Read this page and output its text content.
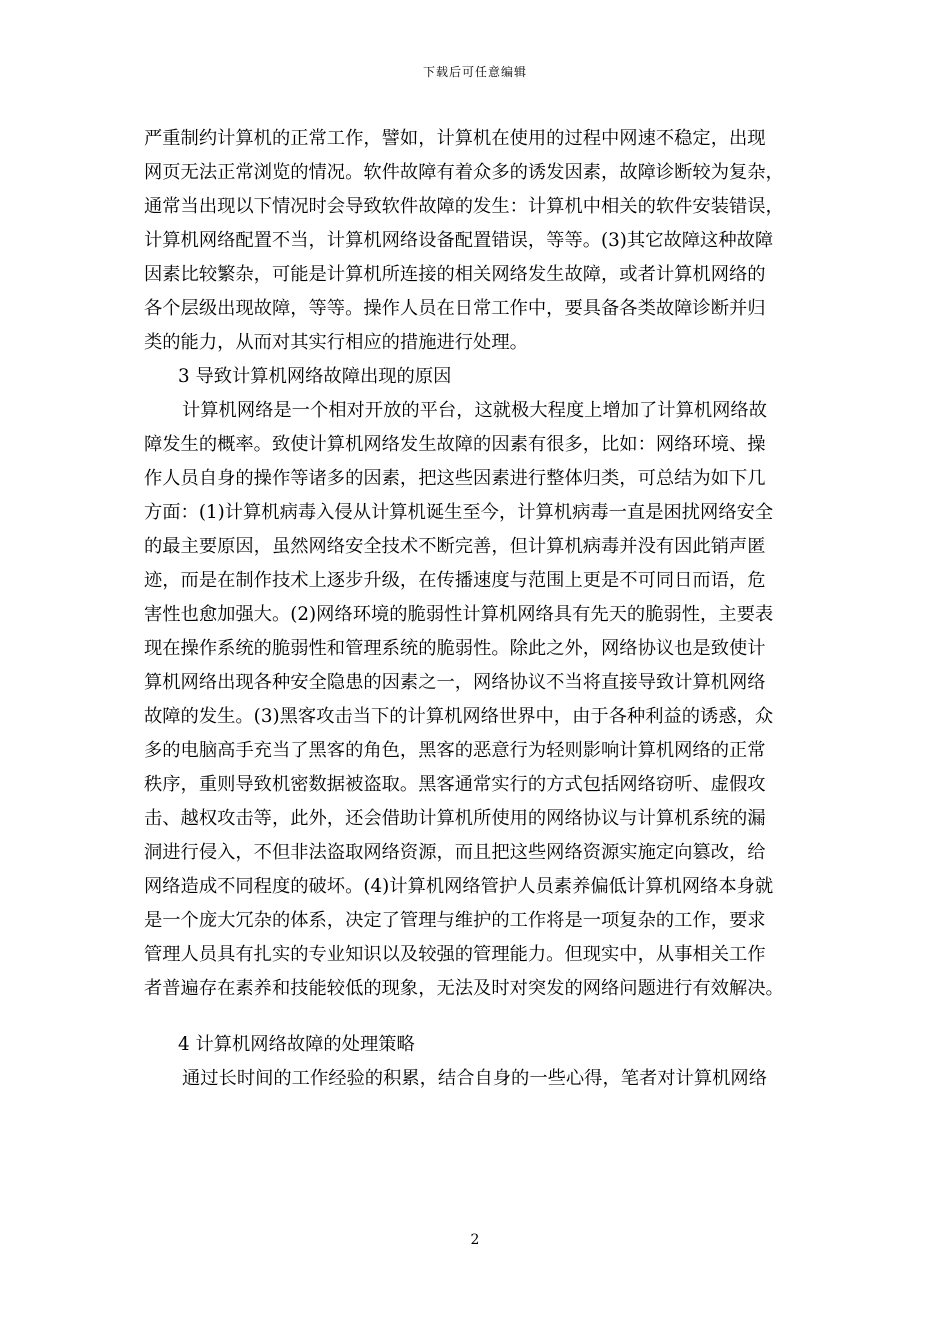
下载后可任意编辑
严重制约计算机的正常工作，譬如，计算机在使用的过程中网速不稳定，出现
网页无法正常浏览的情况。软件故障有着众多的诱发因素，故障诊断较为复杂，
通常当出现以下情况时会导致软件故障的发生：计算机中相关的软件安装错误，
计算机网络配置不当，计算机网络设备配置错误，等等。(3)其它故障这种故障
因素比较繁杂，可能是计算机所连接的相关网络发生故障，或者计算机网络的
各个层级出现故障，等等。操作人员在日常工作中，要具备各类故障诊断并归
类的能力，从而对其实行相应的措施进行处理。
3 导致计算机网络故障出现的原因
计算机网络是一个相对开放的平台，这就极大程度上增加了计算机网络故
障发生的概率。致使计算机网络发生故障的因素有很多，比如：网络环境、操
作人员自身的操作等诸多的因素，把这些因素进行整体归类，可总结为如下几
方面：(1)计算机病毒入侵从计算机诞生至今，计算机病毒一直是困扰网络安全
的最主要原因，虽然网络安全技术不断完善，但计算机病毒并没有因此销声匿
迹，而是在制作技术上逐步升级，在传播速度与范围上更是不可同日而语，危
害性也愈加强大。(2)网络环境的脆弱性计算机网络具有先天的脆弱性，主要表
现在操作系统的脆弱性和管理系统的脆弱性。除此之外，网络协议也是致使计
算机网络出现各种安全隐患的因素之一，网络协议不当将直接导致计算机网络
故障的发生。(3)黑客攻击当下的计算机网络世界中，由于各种利益的诱惑，众
多的电脑高手充当了黑客的角色，黑客的恶意行为轻则影响计算机网络的正常
秩序，重则导致机密数据被盗取。黑客通常实行的方式包括网络窃听、虚假攻
击、越权攻击等，此外，还会借助计算机所使用的网络协议与计算机系统的漏
洞进行侵入，不但非法盗取网络资源，而且把这些网络资源实施定向篡改，给
网络造成不同程度的破坏。(4)计算机网络管护人员素养偏低计算机网络本身就
是一个庞大冗杂的体系，决定了管理与维护的工作将是一项复杂的工作，要求
管理人员具有扎实的专业知识以及较强的管理能力。但现实中，从事相关工作
者普遍存在素养和技能较低的现象，无法及时对突发的网络问题进行有效解决。
4 计算机网络故障的处理策略
通过长时间的工作经验的积累，结合自身的一些心得，笔者对计算机网络
2
